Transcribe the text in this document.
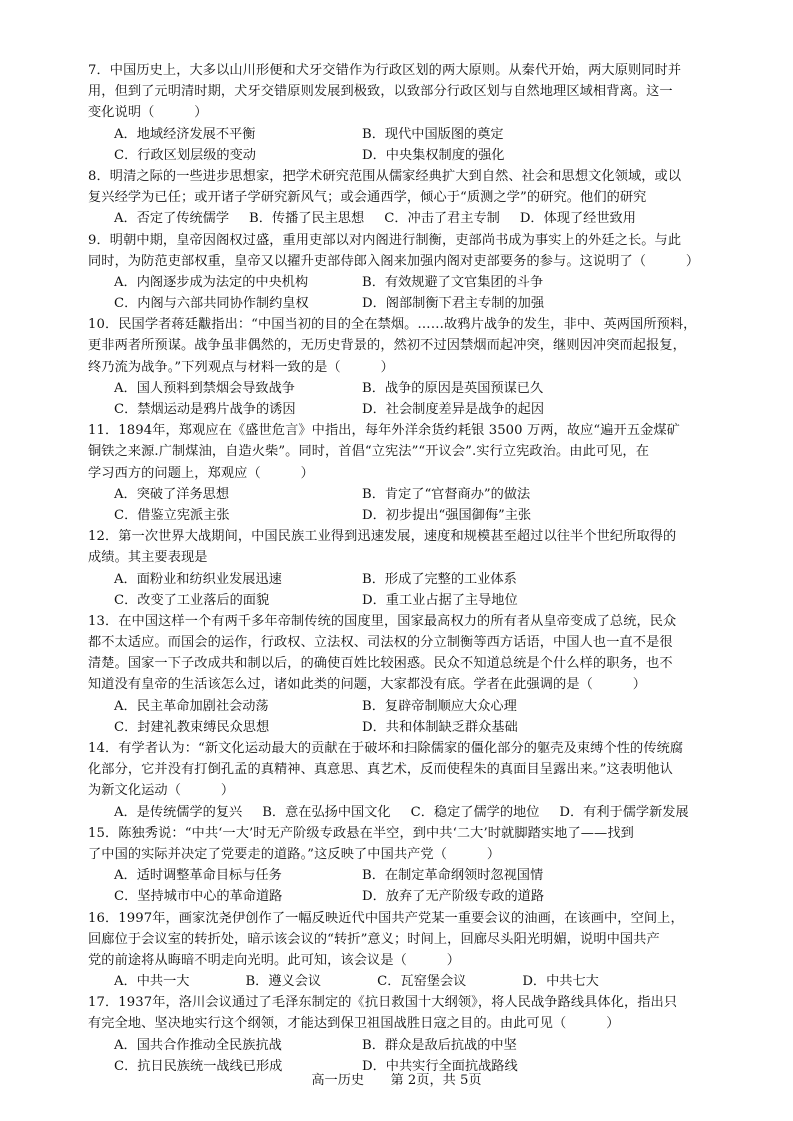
7．中国历史上，大多以山川形便和犬牙交错作为行政区划的两大原则。从秦代开始，两大原则同时并
用，但到了元明清时期，犬牙交错原则发展到极致，以致部分行政区划与自然地理区域相背离。这一
变化说明（　　　）
A．地域经济发展不平衡	B．现代中国版图的奠定
C．行政区划层级的变动	D．中央集权制度的强化
8．明清之际的一些进步思想家，把学术研究范围从儒家经典扩大到自然、社会和思想文化领域，或以
复兴经学为已任；或开诸子学研究新风气；或会通西学，倾心于“质测之学”的研究。他们的研究
A．否定了传统儒学 B．传播了民主思想 C．冲击了君主专制 D．体现了经世致用
9．明朝中期，皇帝因阁权过盛，重用吏部以对内阁进行制衡，吏部尚书成为事实上的外廷之长。与此
同时，为防范吏部权重，皇帝又以擢升吏部侍郎入阁来加强内阁对吏部要务的参与。这说明了（　　　）
A．内阁逐步成为法定的中央机构	B．有效规避了文官集团的斗争
C．内阁与六部共同协作制约皇权	D．阁部制衡下君主专制的加强
10．民国学者蒋廷黻指出：“中国当初的目的全在禁烟。……故鸦片战争的发生，非中、英两国所预料，
更非两者所预谋。战争虽非偶然的，无历史背景的，然初不过因禁烟而起冲突，继则因冲突而起报复，
终乃流为战争。”下列观点与材料一致的是（　　　）
A．国人预料到禁烟会导致战争	B．战争的原因是英国预谋已久
C．禁烟运动是鸦片战争的诱因	D．社会制度差异是战争的起因
11．1894年，郑观应在《盛世危言》中指出，每年外洋余货约耗银 3500 万两，故应“遍开五金煤矿
铜铁之来源.广制煤油，自造火柴”。同时，首倡“立宪法”“开议会”.实行立宪政治。由此可见，在
学习西方的问题上，郑观应（　　　）
A．突破了洋务思想	B．肯定了“官督商办”的做法
C．借鉴立宪派主张	D．初步提出“强国御侮”主张
12．第一次世界大战期间，中国民族工业得到迅速发展，速度和规模甚至超过以往半个世纪所取得的
成绩。其主要表现是
A．面粉业和纺织业发展迅速	B．形成了完整的工业体系
C．改变了工业落后的面貌	D．重工业占据了主导地位
13．在中国这样一个有两千多年帝制传统的国度里，国家最高权力的所有者从皇帝变成了总统，民众
都不太适应。而国会的运作，行政权、立法权、司法权的分立制衡等西方话语，中国人也一直不是很
清楚。国家一下子改成共和制以后，的确使百姓比较困惑。民众不知道总统是个什么样的职务，也不
知道没有皇帝的生活该怎么过，诸如此类的问题，大家都没有底。学者在此强调的是（　　　）
A．民主革命加剧社会动荡	B．复辟帝制顺应大众心理
C．封建礼教束缚民众思想	D．共和体制缺乏群众基础
14．有学者认为：“新文化运动最大的贡献在于破坏和扫除儒家的僵化部分的躯壳及束缚个性的传统腐
化部分，它并没有打倒孔孟的真精神、真意思、真艺术，反而使程朱的真面目呈露出来。”这表明他认
为新文化运动（　　　）
A．是传统儒学的复兴 B．意在弘扬中国文化 C．稳定了儒学的地位 D．有利于儒学新发展
15．陈独秀说：“中共‘一大’时无产阶级专政悬在半空，到中共‘二大’时就脚踏实地了——找到
了中国的实际并决定了党要走的道路。”这反映了中国共产党（　　　）
A．适时调整革命目标与任务	B．在制定革命纲领时忽视国情
C．坚持城市中心的革命道路	D．放弃了无产阶级专政的道路
16．1997年，画家沈尧伊创作了一幅反映近代中国共产党某一重要会议的油画，在该画中，空间上，
回廊位于会议室的转折处，暗示该会议的“转折”意义；时间上，回廊尽头阳光明媚，说明中国共产
党的前途将从晦暗不明走向光明。此可知，该会议是（　　　）
A．中共一大	B．遵义会议	C．瓦窑堡会议	D．中共七大
17．1937年，洛川会议通过了毛泽东制定的《抗日救国十大纲领》，将人民战争路线具体化，指出只
有完全地、坚决地实行这个纲领，才能达到保卫祖国战胜日寇之目的。由此可见（　　　）
A．国共合作推动全民族抗战	B．群众是敌后抗战的中坚
C．抗日民族统一战线已形成	D．中共实行全面抗战路线
高一历史　　第 2页，共 5页
